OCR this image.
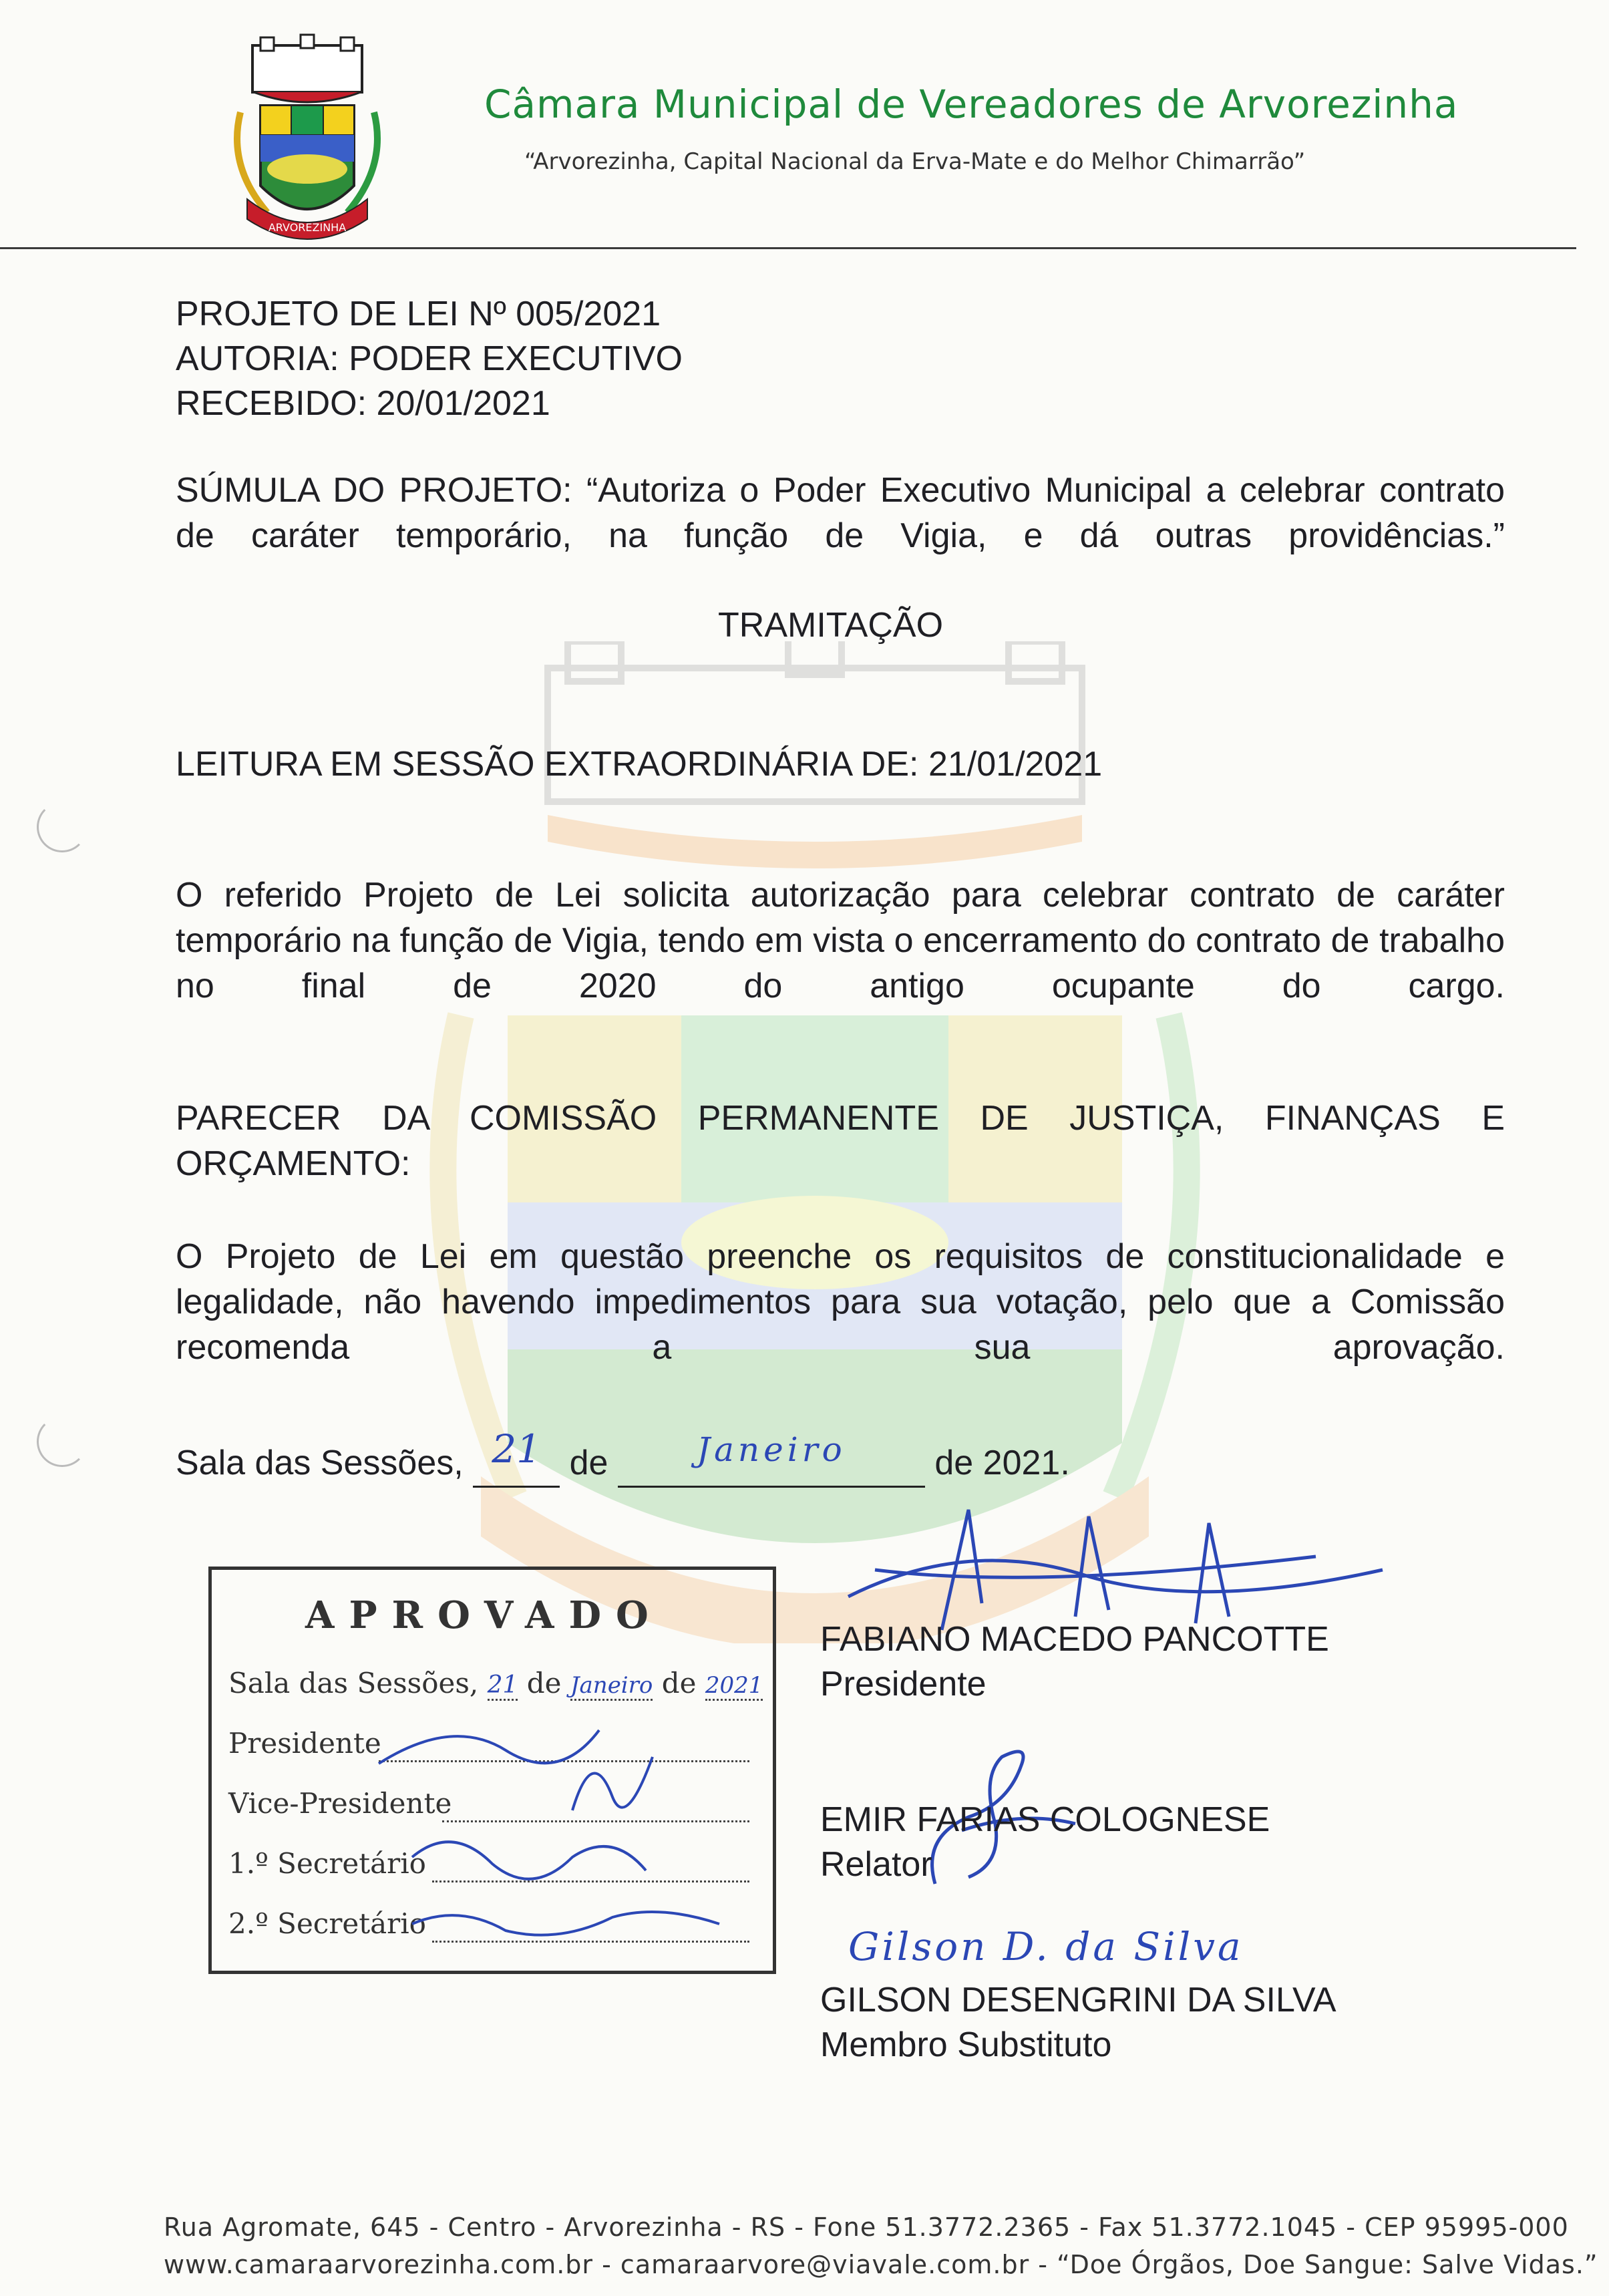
ARVOREZINHA
Câmara Municipal de Vereadores de Arvorezinha
“Arvorezinha, Capital Nacional da Erva-Mate e do Melhor Chimarrão”
PROJETO DE LEI Nº 005/2021
AUTORIA: PODER EXECUTIVO
RECEBIDO: 20/01/2021
SÚMULA DO PROJETO: “Autoriza o Poder Executivo Municipal a celebrar contrato de caráter temporário, na função de Vigia, e dá outras providências.”
TRAMITAÇÃO
LEITURA EM SESSÃO EXTRAORDINÁRIA DE: 21/01/2021
O referido Projeto de Lei solicita autorização para celebrar contrato de caráter temporário na função de Vigia, tendo em vista o encerramento do contrato de trabalho no final de 2020 do antigo ocupante do cargo.
PARECER DA COMISSÃO PERMANENTE DE JUSTIÇA, FINANÇAS E ORÇAMENTO:
O Projeto de Lei em questão preenche os requisitos de constitucionalidade e legalidade, não havendo impedimentos para sua votação, pelo que a Comissão recomenda a sua aprovação.
Sala das Sessões, 21 de	Janeiro	de 2021.
APROVADO
Sala das Sessões, 21 de Janeiro de 2021
Presidente
Vice-Presidente
1.º Secretário
2.º Secretário
FABIANO MACEDO PANCOTTE
Presidente
EMIR FARIAS COLOGNESE
Relator
Gilson D. da Silva
GILSON DESENGRINI DA SILVA
Membro Substituto
Rua Agromate, 645 - Centro - Arvorezinha - RS - Fone 51.3772.2365 - Fax 51.3772.1045 - CEP 95995-000
www.camaraarvorezinha.com.br - camaraarvore@viavale.com.br - “Doe Órgãos, Doe Sangue: Salve Vidas.”
